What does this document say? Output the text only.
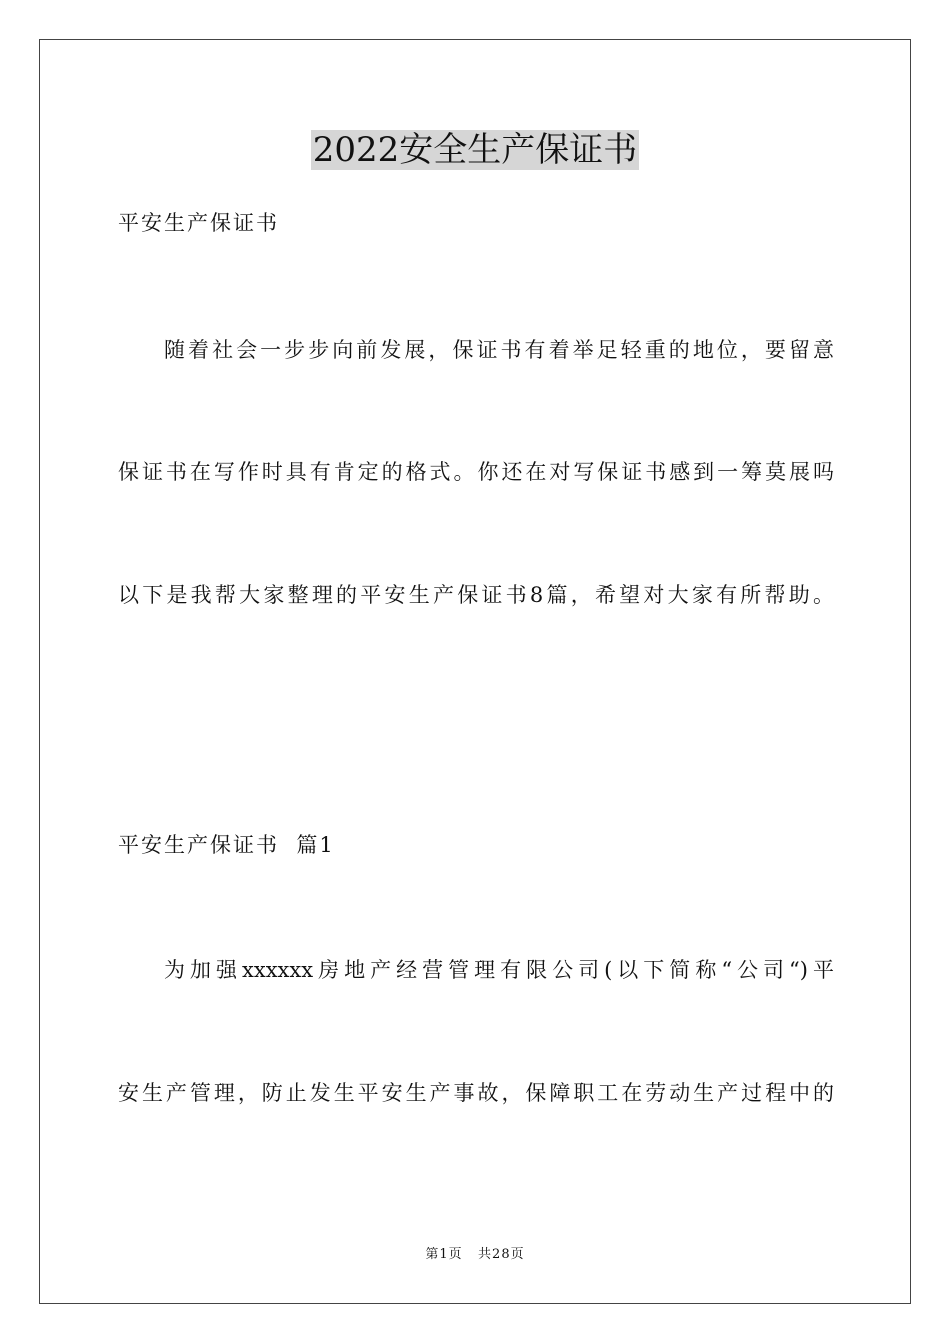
2022安全生产保证书

平安生产保证书

随着社会一步步向前发展，保证书有着举足轻重的地位，要留意

保证书在写作时具有肯定的格式。你还在对写保证书感到一筹莫展吗

以下是我帮大家整理的平安生产保证书8篇，希望对大家有所帮助。

平安生产保证书  篇1

为加强xxxxxx房地产经营管理有限公司(以下简称“公司“)平

安生产管理，防止发生平安生产事故，保障职工在劳动生产过程中的

第1页   共28页
